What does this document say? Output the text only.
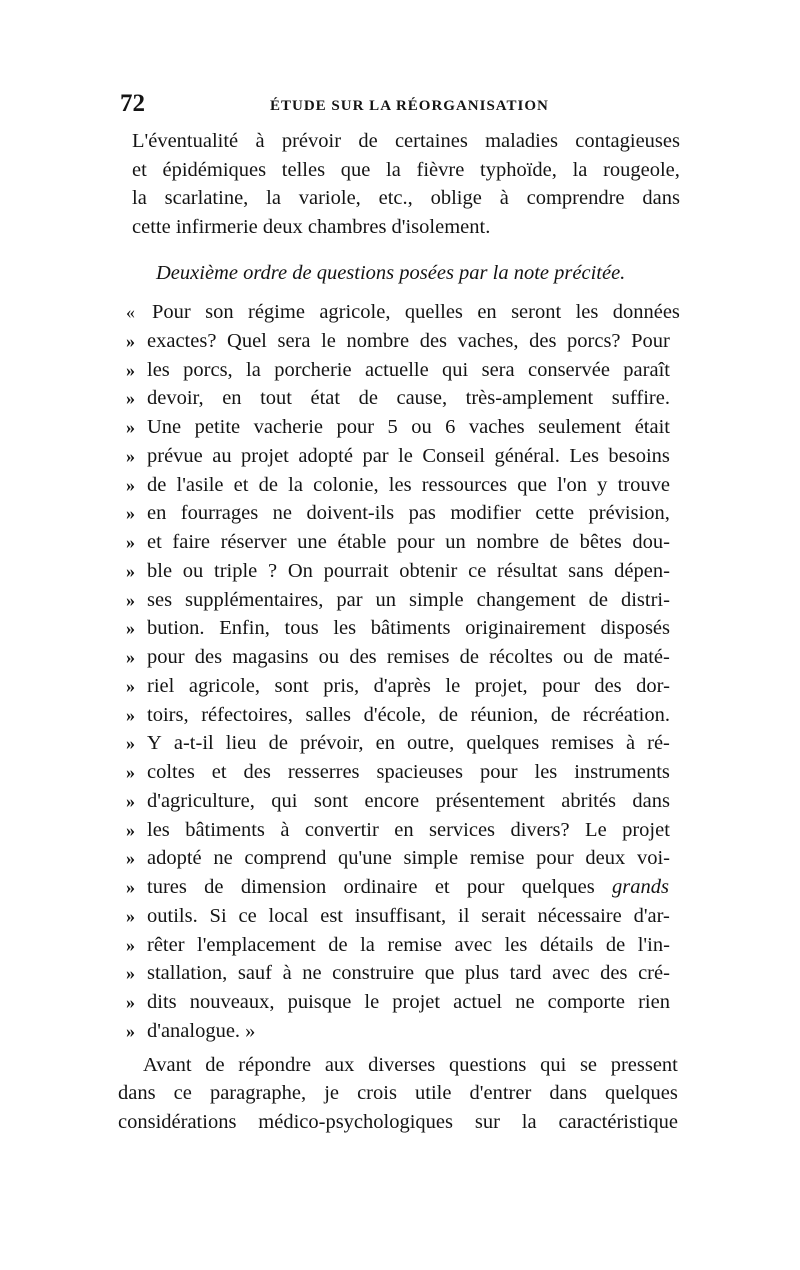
72	ÉTUDE SUR LA RÉORGANISATION
L'éventualité à prévoir de certaines maladies contagieuses
et épidémiques telles que la fièvre typhoïde, la rougeole,
la scarlatine, la variole, etc., oblige à comprendre dans
cette infirmerie deux chambres d'isolement.
Deuxième ordre de questions posées par la note précitée.
Pour son régime agricole, quelles en seront les données
«
exactes? Quel sera le nombre des vaches, des porcs? Pour
»
les porcs, la porcherie actuelle qui sera conservée paraît
»
devoir, en tout état de cause, très-amplement suffire.
»
Une petite vacherie pour 5 ou 6 vaches seulement était
»
prévue au projet adopté par le Conseil général. Les besoins
»
de l'asile et de la colonie, les ressources que l'on y trouve
»
en fourrages ne doivent-ils pas modifier cette prévision,
»
et faire réserver une étable pour un nombre de bêtes dou-
»
ble ou triple ? On pourrait obtenir ce résultat sans dépen-
»
ses supplémentaires, par un simple changement de distri-
»
bution. Enfin, tous les bâtiments originairement disposés
»
pour des magasins ou des remises de récoltes ou de maté-
»
riel agricole, sont pris, d'après le projet, pour des dor-
»
toirs, réfectoires, salles d'école, de réunion, de récréation.
»
Y a-t-il lieu de prévoir, en outre, quelques remises à ré-
»
coltes et des resserres spacieuses pour les instruments
»
d'agriculture, qui sont encore présentement abrités dans
»
les bâtiments à convertir en services divers? Le projet
»
adopté ne comprend qu'une simple remise pour deux voi-
»
tures de dimension ordinaire et pour quelques grands
»
outils. Si ce local est insuffisant, il serait nécessaire d'ar-
»
rêter l'emplacement de la remise avec les détails de l'in-
»
stallation, sauf à ne construire que plus tard avec des cré-
»
dits nouveaux, puisque le projet actuel ne comporte rien
»
d'analogue. »
»
Avant de répondre aux diverses questions qui se pressent
dans ce paragraphe, je crois utile d'entrer dans quelques
considérations médico-psychologiques sur la caractéristique
